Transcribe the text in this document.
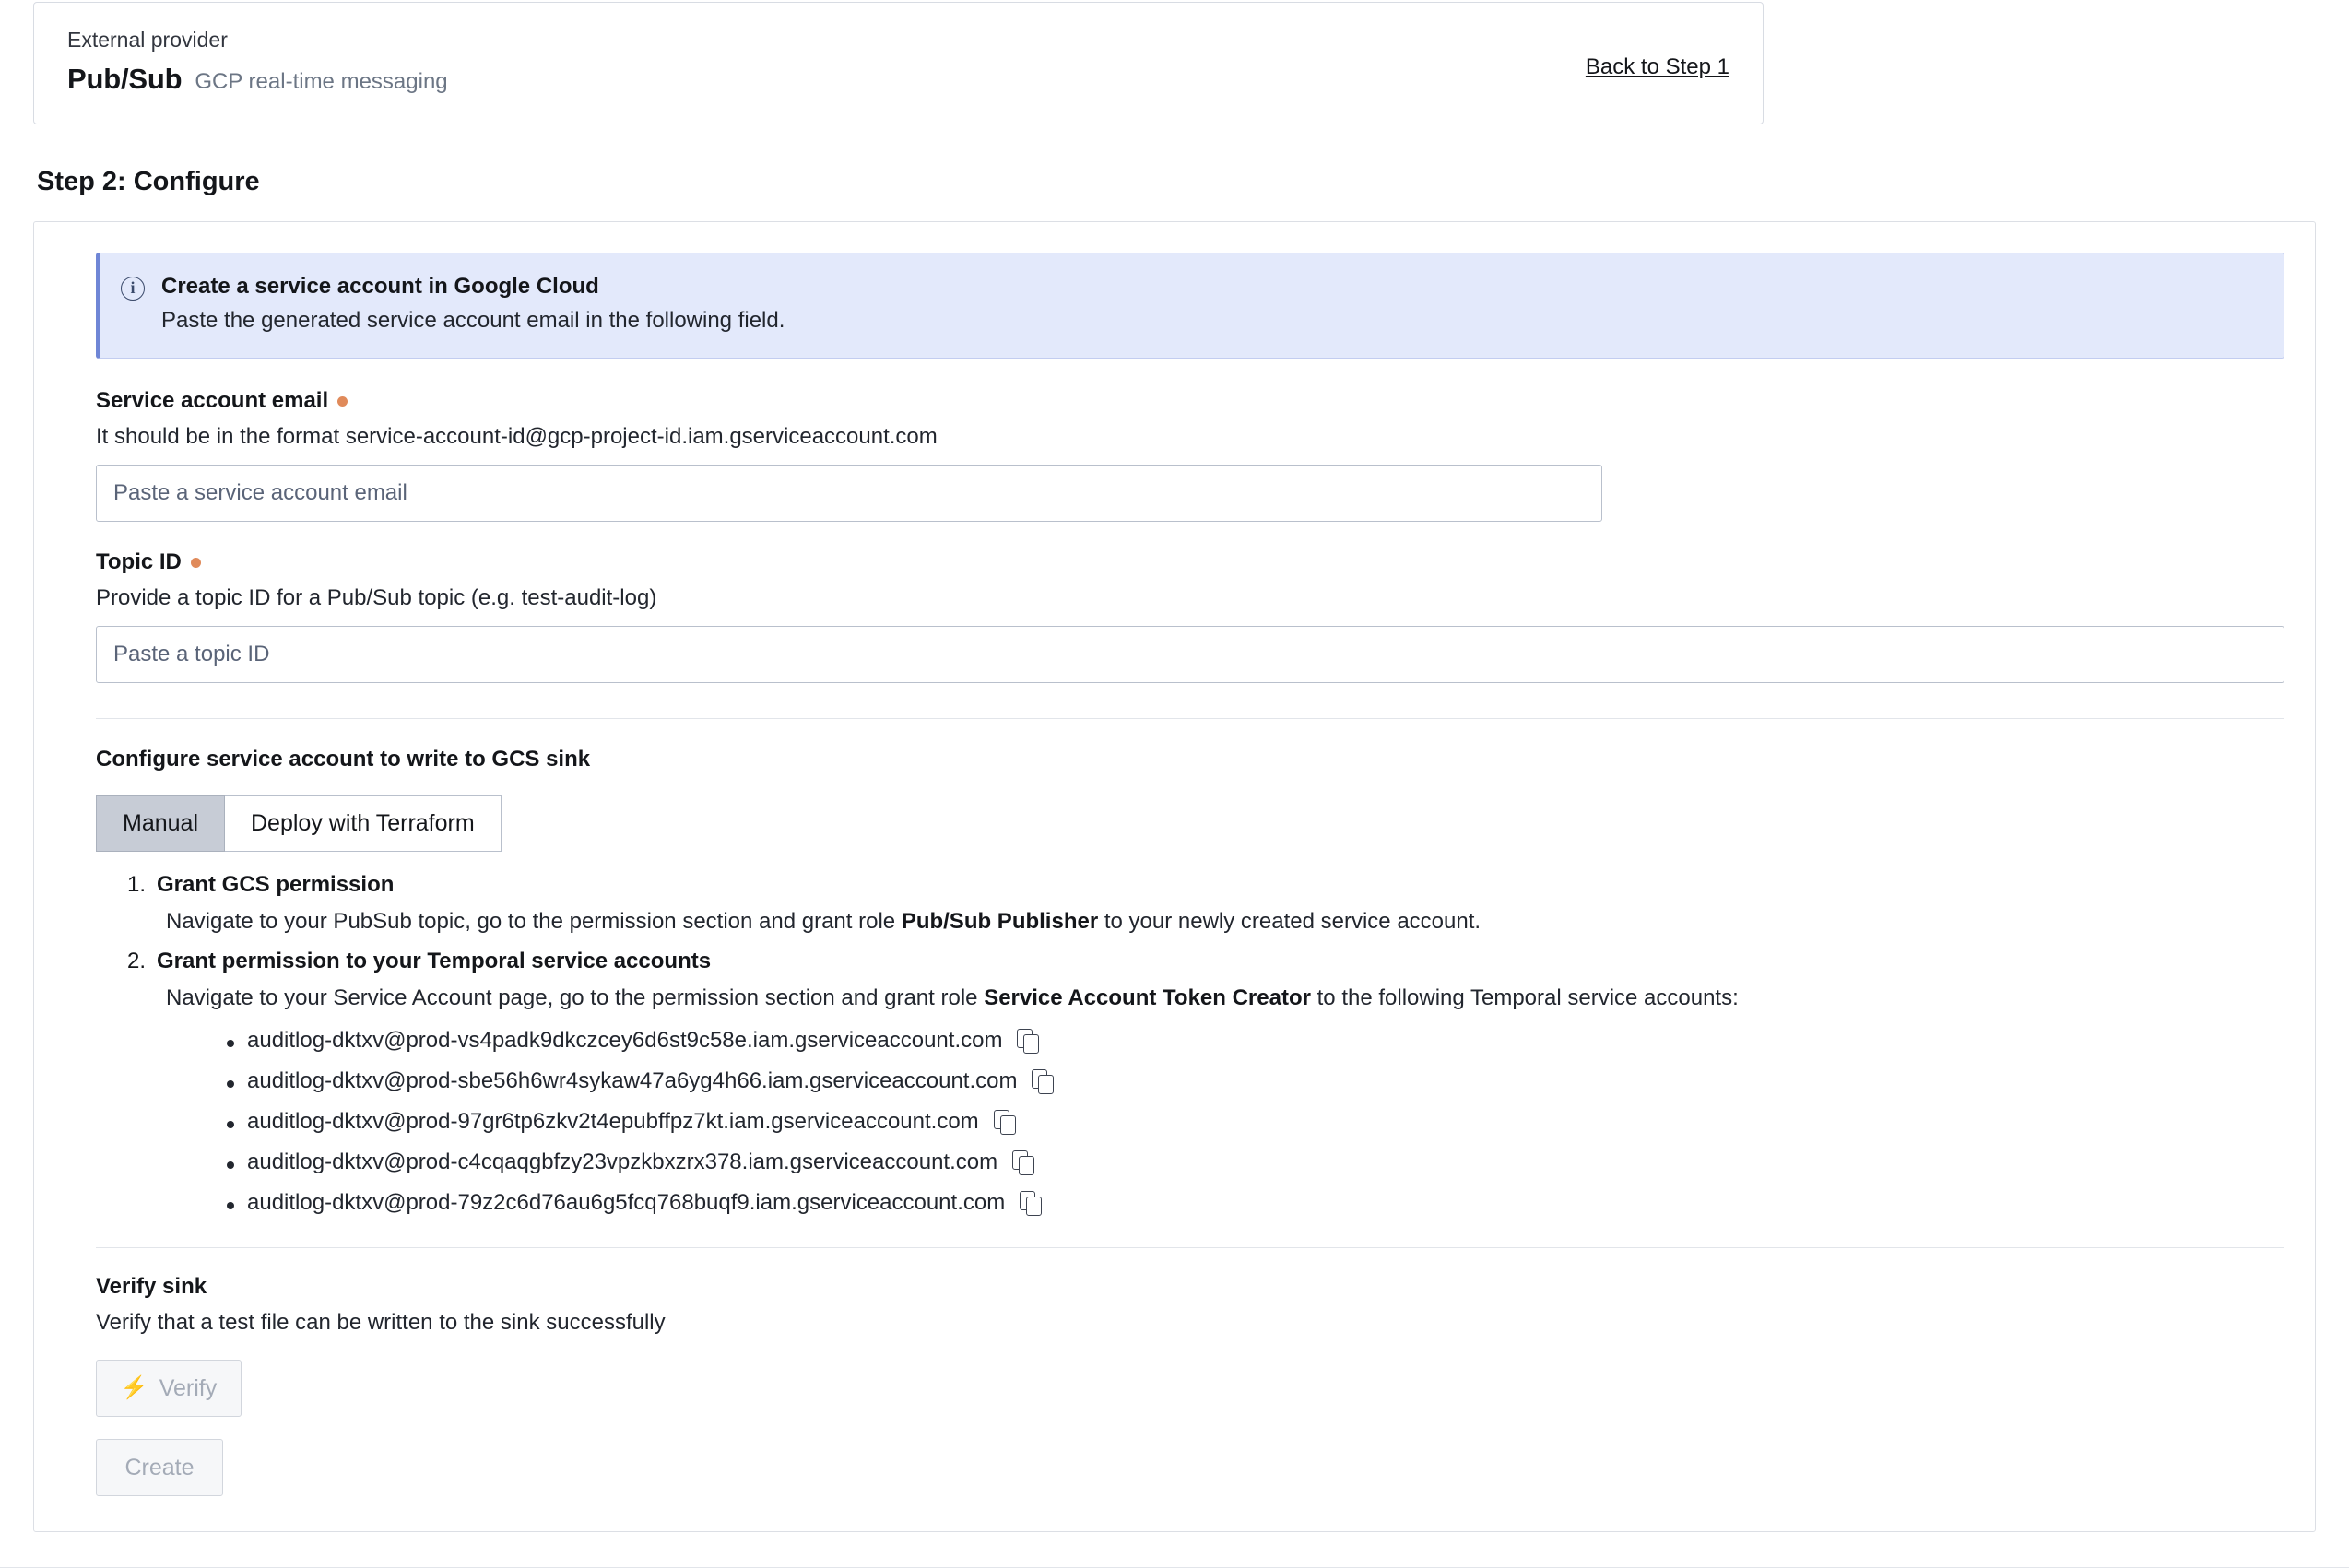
External provider
Pub/Sub GCP real-time messaging
Back to Step 1
Step 2: Configure
i	Create a service account in Google Cloud
Paste the generated service account email in the following field.
Service account email
It should be in the format service-account-id@gcp-project-id.iam.gserviceaccount.com
Paste a service account email
Topic ID
Provide a topic ID for a Pub/Sub topic (e.g. test-audit-log)
Paste a topic ID
Configure service account to write to GCS sink
Manual	Deploy with Terraform
1. Grant GCS permission
Navigate to your PubSub topic, go to the permission section and grant role Pub/Sub Publisher to your newly created service account.
2. Grant permission to your Temporal service accounts
Navigate to your Service Account page, go to the permission section and grant role Service Account Token Creator to the following Temporal service accounts:
auditlog-dktxv@prod-vs4padk9dkczcey6d6st9c58e.iam.gserviceaccount.com
auditlog-dktxv@prod-sbe56h6wr4sykaw47a6yg4h66.iam.gserviceaccount.com
auditlog-dktxv@prod-97gr6tp6zkv2t4epubffpz7kt.iam.gserviceaccount.com
auditlog-dktxv@prod-c4cqaqgbfzy23vpzkbxzrx378.iam.gserviceaccount.com
auditlog-dktxv@prod-79z2c6d76au6g5fcq768buqf9.iam.gserviceaccount.com
Verify sink
Verify that a test file can be written to the sink successfully
⚡ Verify
Create
